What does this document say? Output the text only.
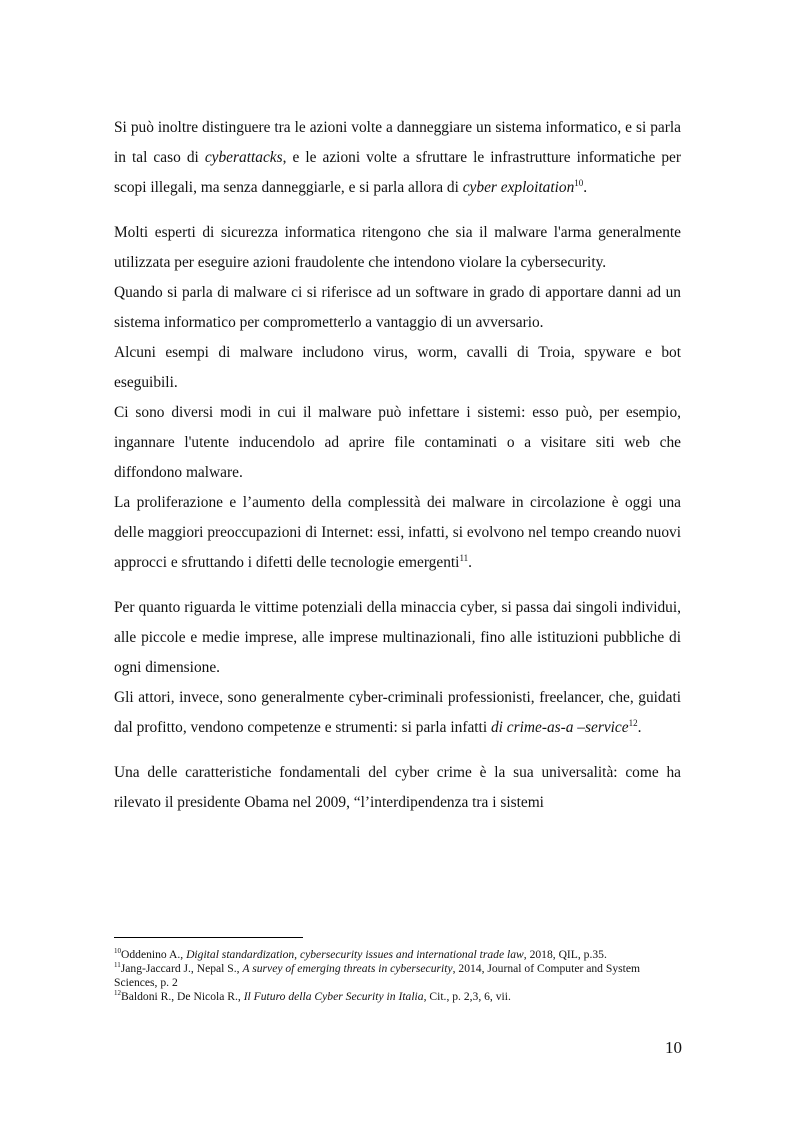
Si può inoltre distinguere tra le azioni volte a danneggiare un sistema informatico, e si parla in tal caso di cyberattacks, e le azioni volte a sfruttare le infrastrutture informatiche per scopi illegali, ma senza danneggiarle, e si parla allora di cyber exploitation$^{10}$.

Molti esperti di sicurezza informatica ritengono che sia il malware l'arma generalmente utilizzata per eseguire azioni fraudolente che intendono violare la cybersecurity.

Quando si parla di malware ci si riferisce ad un software in grado di apportare danni ad un sistema informatico per comprometterlo a vantaggio di un avversario.

Alcuni esempi di malware includono virus, worm, cavalli di Troia, spyware e bot eseguibili.

Ci sono diversi modi in cui il malware può infettare i sistemi: esso può, per esempio, ingannare l'utente inducendolo ad aprire file contaminati o a visitare siti web che diffondono malware.

La proliferazione e l’aumento della complessità dei malware in circolazione è oggi una delle maggiori preoccupazioni di Internet: essi, infatti, si evolvono nel tempo creando nuovi approcci e sfruttando i difetti delle tecnologie emergenti$^{11}$.

Per quanto riguarda le vittime potenziali della minaccia cyber, si passa dai singoli individui, alle piccole e medie imprese, alle imprese multinazionali, fino alle istituzioni pubbliche di ogni dimensione.

Gli attori, invece, sono generalmente cyber-criminali professionisti, freelancer, che, guidati dal profitto, vendono competenze e strumenti: si parla infatti di crime-as-a –service$^{12}$.

Una delle caratteristiche fondamentali del cyber crime è la sua universalità: come ha rilevato il presidente Obama nel 2009, “l’interdipendenza tra i sistemi

$^{10}$Oddenino A., Digital standardization, cybersecurity issues and international trade law, 2018, QIL, p.35.
$^{11}$Jang-Jaccard J., Nepal S., A survey of emerging threats in cybersecurity, 2014, Journal of Computer and System Sciences, p. 2
$^{12}$Baldoni R., De Nicola R., Il Futuro della Cyber Security in Italia, Cit., p. 2,3, 6, vii.
10
